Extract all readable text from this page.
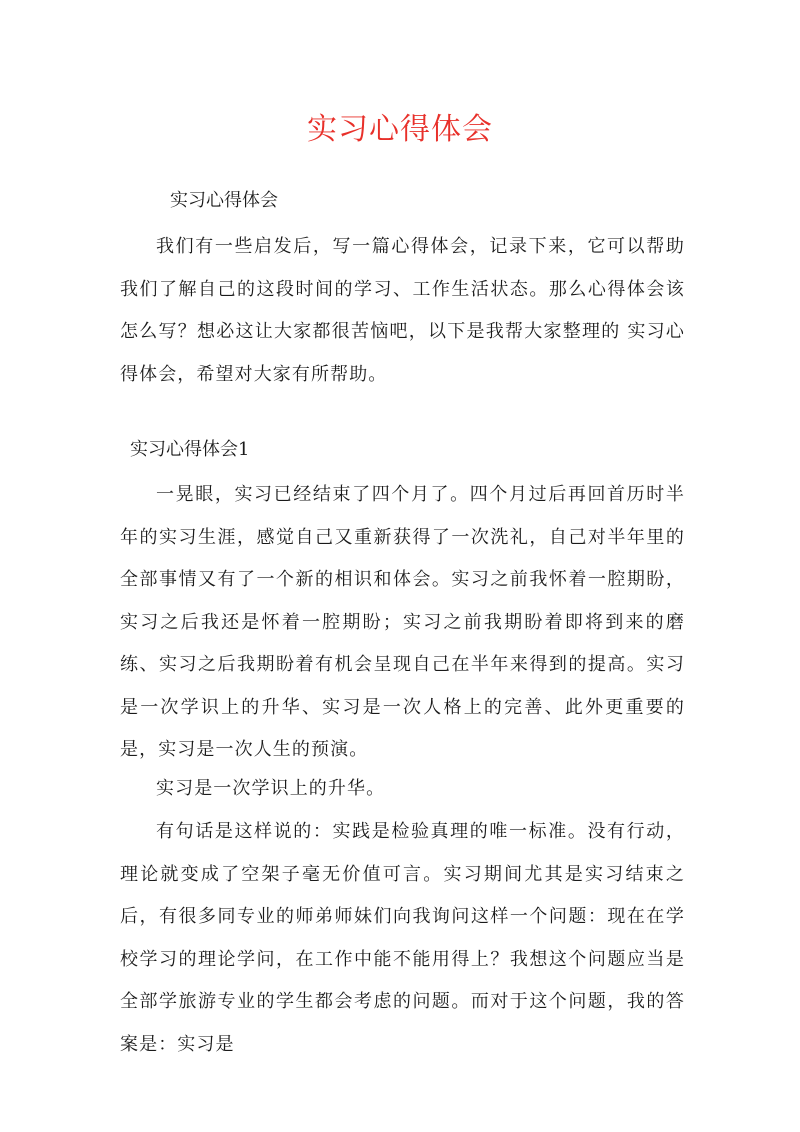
实习心得体会

实习心得体会

我们有一些启发后，写一篇心得体会，记录下来，它可以帮助我们了解自己的这段时间的学习、工作生活状态。那么心得体会该怎么写？想必这让大家都很苦恼吧，以下是我帮大家整理的 实习心得体会，希望对大家有所帮助。

实习心得体会1

一晃眼，实习已经结束了四个月了。四个月过后再回首历时半年的实习生涯，感觉自己又重新获得了一次洗礼，自己对半年里的全部事情又有了一个新的相识和体会。实习之前我怀着一腔期盼，实习之后我还是怀着一腔期盼；实习之前我期盼着即将到来的磨练、实习之后我期盼着有机会呈现自己在半年来得到的提高。实习是一次学识上的升华、实习是一次人格上的完善、此外更重要的是，实习是一次人生的预演。

实习是一次学识上的升华。

有句话是这样说的：实践是检验真理的唯一标准。没有行动，理论就变成了空架子毫无价值可言。实习期间尤其是实习结束之后，有很多同专业的师弟师妹们向我询问这样一个问题：现在在学校学习的理论学问，在工作中能不能用得上？我想这个问题应当是全部学旅游专业的学生都会考虑的问题。而对于这个问题，我的答案是：实习是
